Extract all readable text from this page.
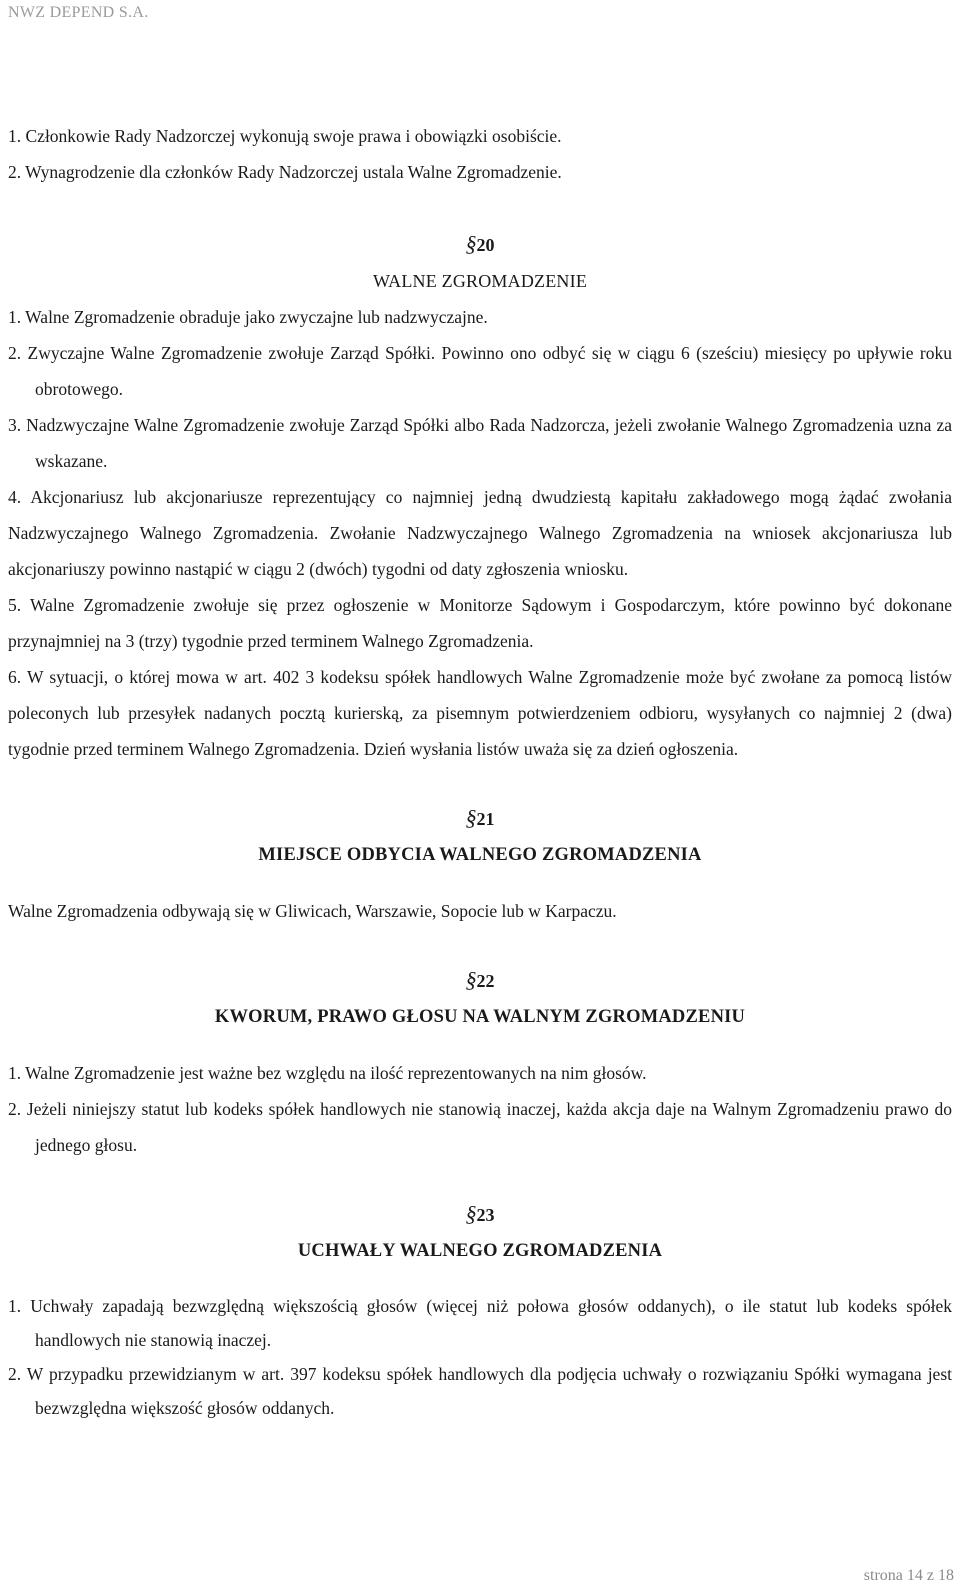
NWZ DEPEND S.A.

1. Członkowie Rady Nadzorczej wykonują swoje prawa i obowiązki osobiście.

2. Wynagrodzenie dla członków Rady Nadzorczej ustala Walne Zgromadzenie.

§20

WALNE ZGROMADZENIE

1. Walne Zgromadzenie obraduje jako zwyczajne lub nadzwyczajne.

2. Zwyczajne Walne Zgromadzenie zwołuje Zarząd Spółki. Powinno ono odbyć się w ciągu 6 (sześciu) miesięcy po upływie roku obrotowego.

3. Nadzwyczajne Walne Zgromadzenie zwołuje Zarząd Spółki albo Rada Nadzorcza, jeżeli zwołanie Walnego Zgromadzenia uzna za wskazane.

4. Akcjonariusz lub akcjonariusze reprezentujący co najmniej jedną dwudziestą kapitału zakładowego mogą żądać zwołania Nadzwyczajnego Walnego Zgromadzenia. Zwołanie Nadzwyczajnego Walnego Zgromadzenia na wniosek akcjonariusza lub akcjonariuszy powinno nastąpić w ciągu 2 (dwóch) tygodni od daty zgłoszenia wniosku.

5. Walne Zgromadzenie zwołuje się przez ogłoszenie w Monitorze Sądowym i Gospodarczym, które powinno być dokonane przynajmniej na 3 (trzy) tygodnie przed terminem Walnego Zgromadzenia.

6. W sytuacji, o której mowa w art. 402 3 kodeksu spółek handlowych Walne Zgromadzenie może być zwołane za pomocą listów poleconych lub przesyłek nadanych pocztą kurierską, za pisemnym potwierdzeniem odbioru, wysyłanych co najmniej 2 (dwa) tygodnie przed terminem Walnego Zgromadzenia. Dzień wysłania listów uważa się za dzień ogłoszenia.

§21

MIEJSCE ODBYCIA WALNEGO ZGROMADZENIA

Walne Zgromadzenia odbywają się w Gliwicach, Warszawie, Sopocie lub w Karpaczu.

§22

KWORUM, PRAWO GŁOSU NA WALNYM ZGROMADZENIU

1. Walne Zgromadzenie jest ważne bez względu na ilość reprezentowanych na nim głosów.

2. Jeżeli niniejszy statut lub kodeks spółek handlowych nie stanowią inaczej, każda akcja daje na Walnym Zgromadzeniu prawo do jednego głosu.

§23

UCHWAŁY WALNEGO ZGROMADZENIA

1. Uchwały zapadają bezwzględną większością głosów (więcej niż połowa głosów oddanych), o ile statut lub kodeks spółek handlowych nie stanowią inaczej.

2. W przypadku przewidzianym w art. 397 kodeksu spółek handlowych dla podjęcia uchwały o rozwiązaniu Spółki wymagana jest bezwzględna większość głosów oddanych.

strona 14 z 18
